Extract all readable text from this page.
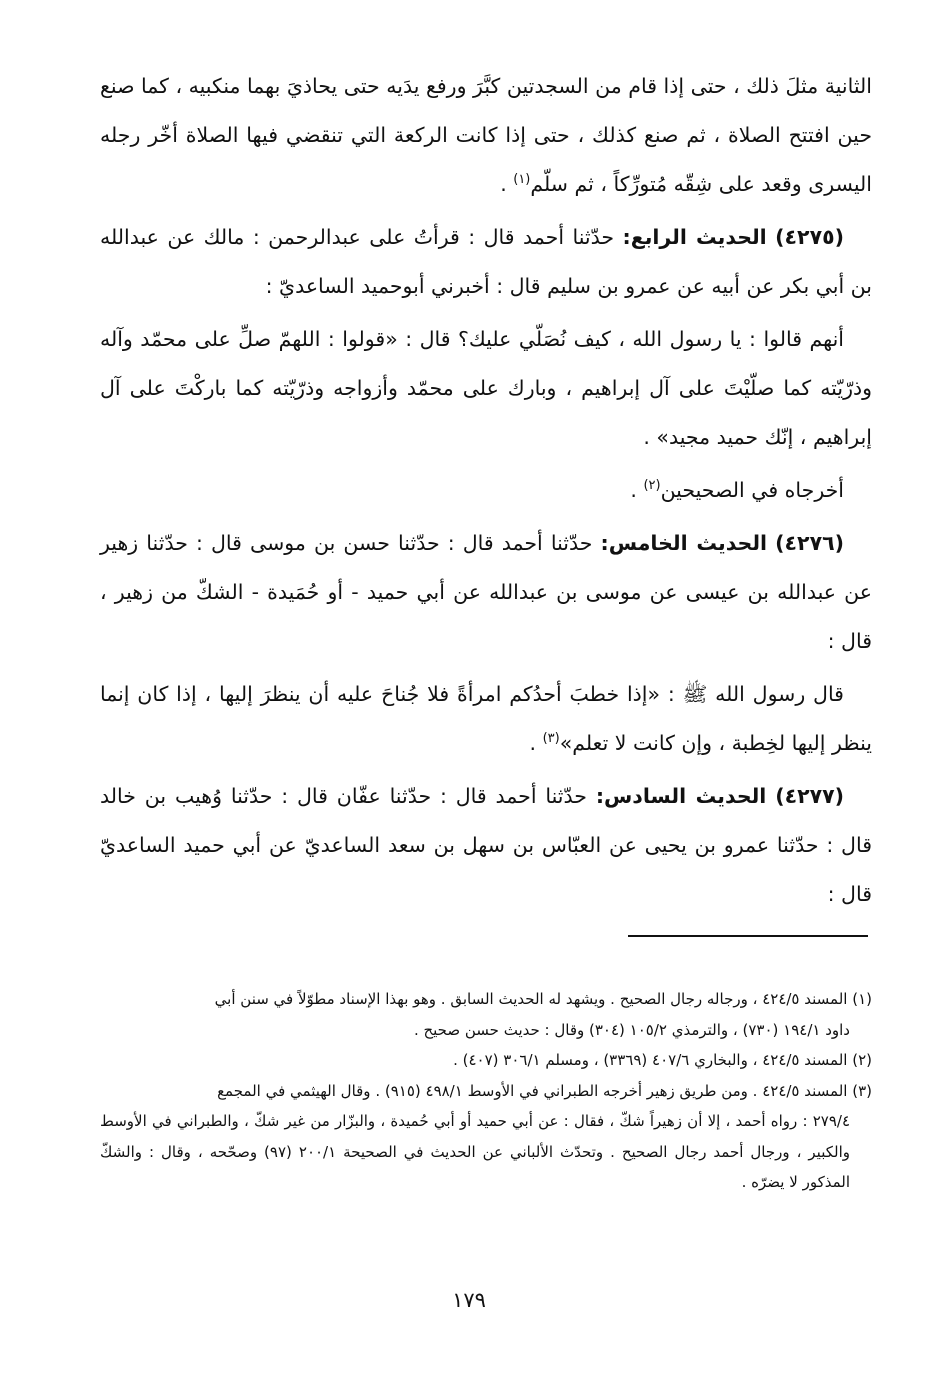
الثانية مثلَ ذلك ، حتى إذا قام من السجدتين كبَّرَ ورفع يدَيه حتى يحاذيَ بهما منكبيه ، كما صنع حين افتتح الصلاة ، ثم صنع كذلك ، حتى إذا كانت الركعة التي تنقضي فيها الصلاة أخّر رجله اليسرى وقعد على شِقّه مُتورِّكاً ، ثم سلّم$^{(١)}$ .

(٤٢٧٥) الحديث الرابع: حدّثنا أحمد قال : قرأتُ على عبدالرحمن : مالك عن عبدالله بن أبي بكر عن أبيه عن عمرو بن سليم قال : أخبرني أبوحميد الساعديّ :

أنهم قالوا : يا رسول الله ، كيف نُصَلّي عليك؟ قال : «قولوا : اللهمّ صلِّ على محمّد وآله وذرّيّته كما صلّيْتَ على آل إبراهيم ، وبارك على محمّد وأزواجه وذرّيّته كما باركْتَ على آل إبراهيم ، إنّك حميد مجيد» .

أخرجاه في الصحيحين$^{(٢)}$ .

(٤٢٧٦) الحديث الخامس: حدّثنا أحمد قال : حدّثنا حسن بن موسى قال : حدّثنا زهير عن عبدالله بن عيسى عن موسى بن عبدالله عن أبي حميد - أو حُمَيدة - الشكّ من زهير ، قال :

قال رسول الله ﷺ : «إذا خطبَ أحدُكم امرأةً فلا جُناحَ عليه أن ينظرَ إليها ، إذا كان إنما ينظر إليها لخِطبة ، وإن كانت لا تعلم»$^{(٣)}$ .

(٤٢٧٧) الحديث السادس: حدّثنا أحمد قال : حدّثنا عفّان قال : حدّثنا وُهيب بن خالد قال : حدّثنا عمرو بن يحيى عن العبّاس بن سهل بن سعد الساعديّ عن أبي حميد الساعديّ قال :

(١) المسند ٤٢٤/٥ ، ورجاله رجال الصحيح . ويشهد له الحديث السابق . وهو بهذا الإسناد مطوّلاً في سنن أبي
داود ١٩٤/١ (٧٣٠) ، والترمذي ١٠٥/٢ (٣٠٤) وقال : حديث حسن صحيح .

(٢) المسند ٤٢٤/٥ ، والبخاري ٤٠٧/٦ (٣٣٦٩) ، ومسلم ٣٠٦/١ (٤٠٧) .

(٣) المسند ٤٢٤/٥ . ومن طريق زهير أخرجه الطبراني في الأوسط ٤٩٨/١ (٩١٥) . وقال الهيثمي في المجمع
٢٧٩/٤ : رواه أحمد ، إلا أن زهيراً شكّ ، فقال : عن أبي حميد أو أبي حُميدة ، والبزّار من غير شكّ ، والطبراني في الأوسط والكبير ، ورجال أحمد رجال الصحيح . وتحدّث الألباني عن الحديث في الصحيحة ٢٠٠/١ (٩٧) وصحّحه ، وقال : والشكّ المذكور لا يضرّه .

١٧٩
